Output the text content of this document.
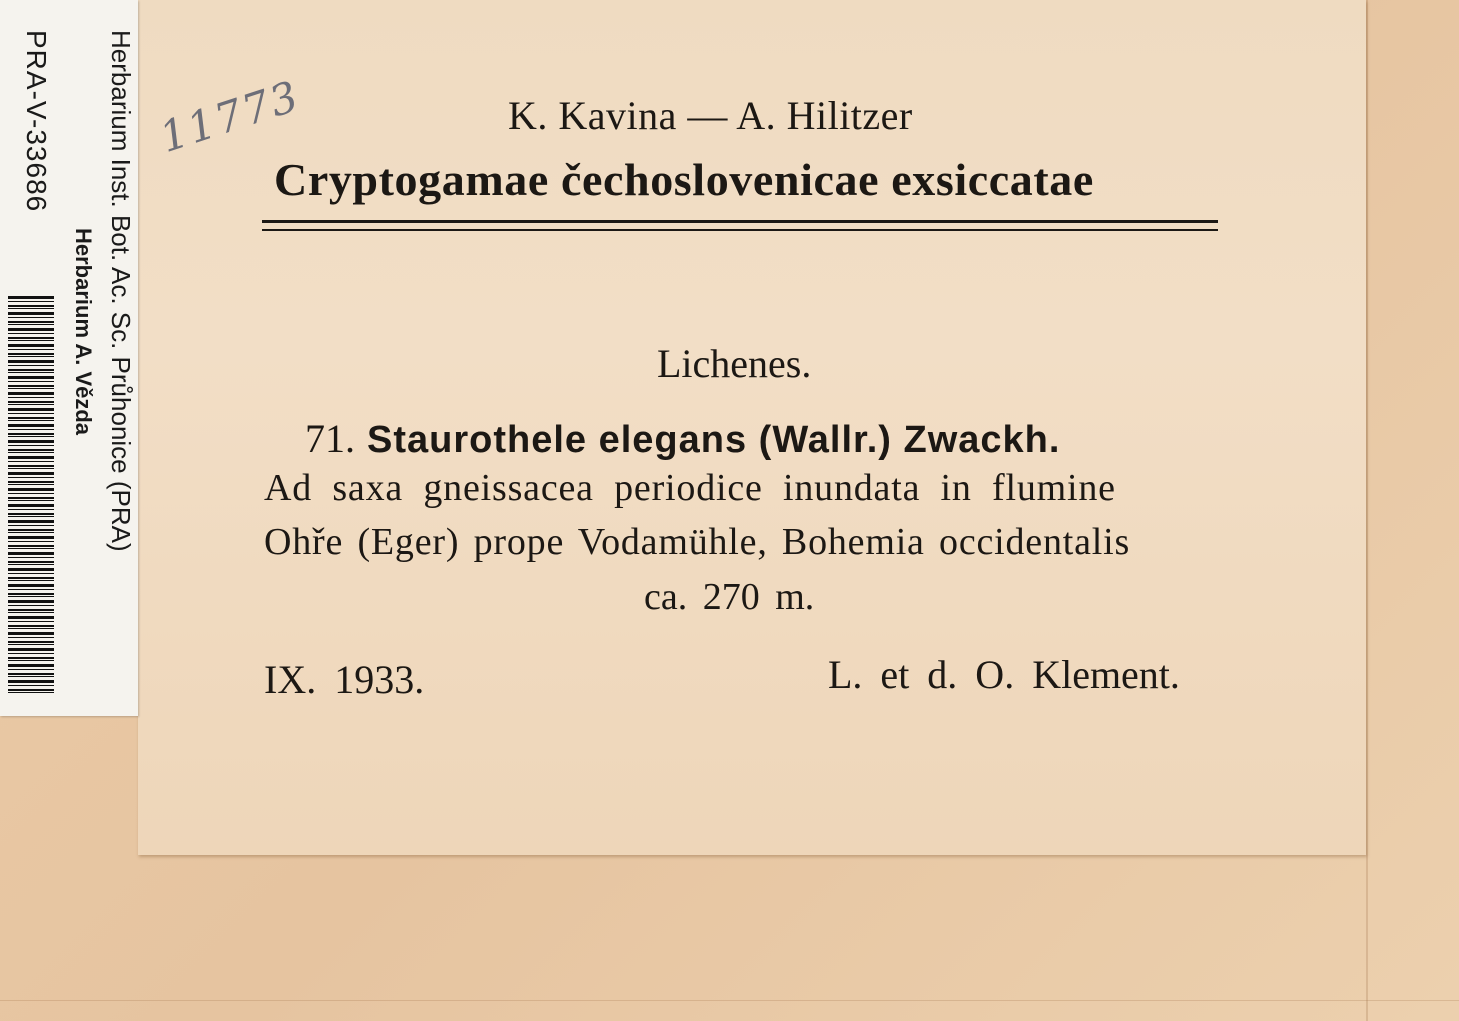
PRA-V-33686
Herbarium A. Vězda Herbarium Inst. Bot. Ac. Sc. Průhonice (PRA) 11773	K. Kavina — A. Hilitzer
Cryptogamae čechoslovenicae exsiccatae
Lichenes.
71. Staurothele elegans (Wallr.) Zwackh.
Ad saxa gneissacea periodice inundata in flumine
Ohře (Eger) prope Vodamühle, Bohemia occidentalis
ca. 270 m.
IX. 1933.	L. et d. O. Klement.
